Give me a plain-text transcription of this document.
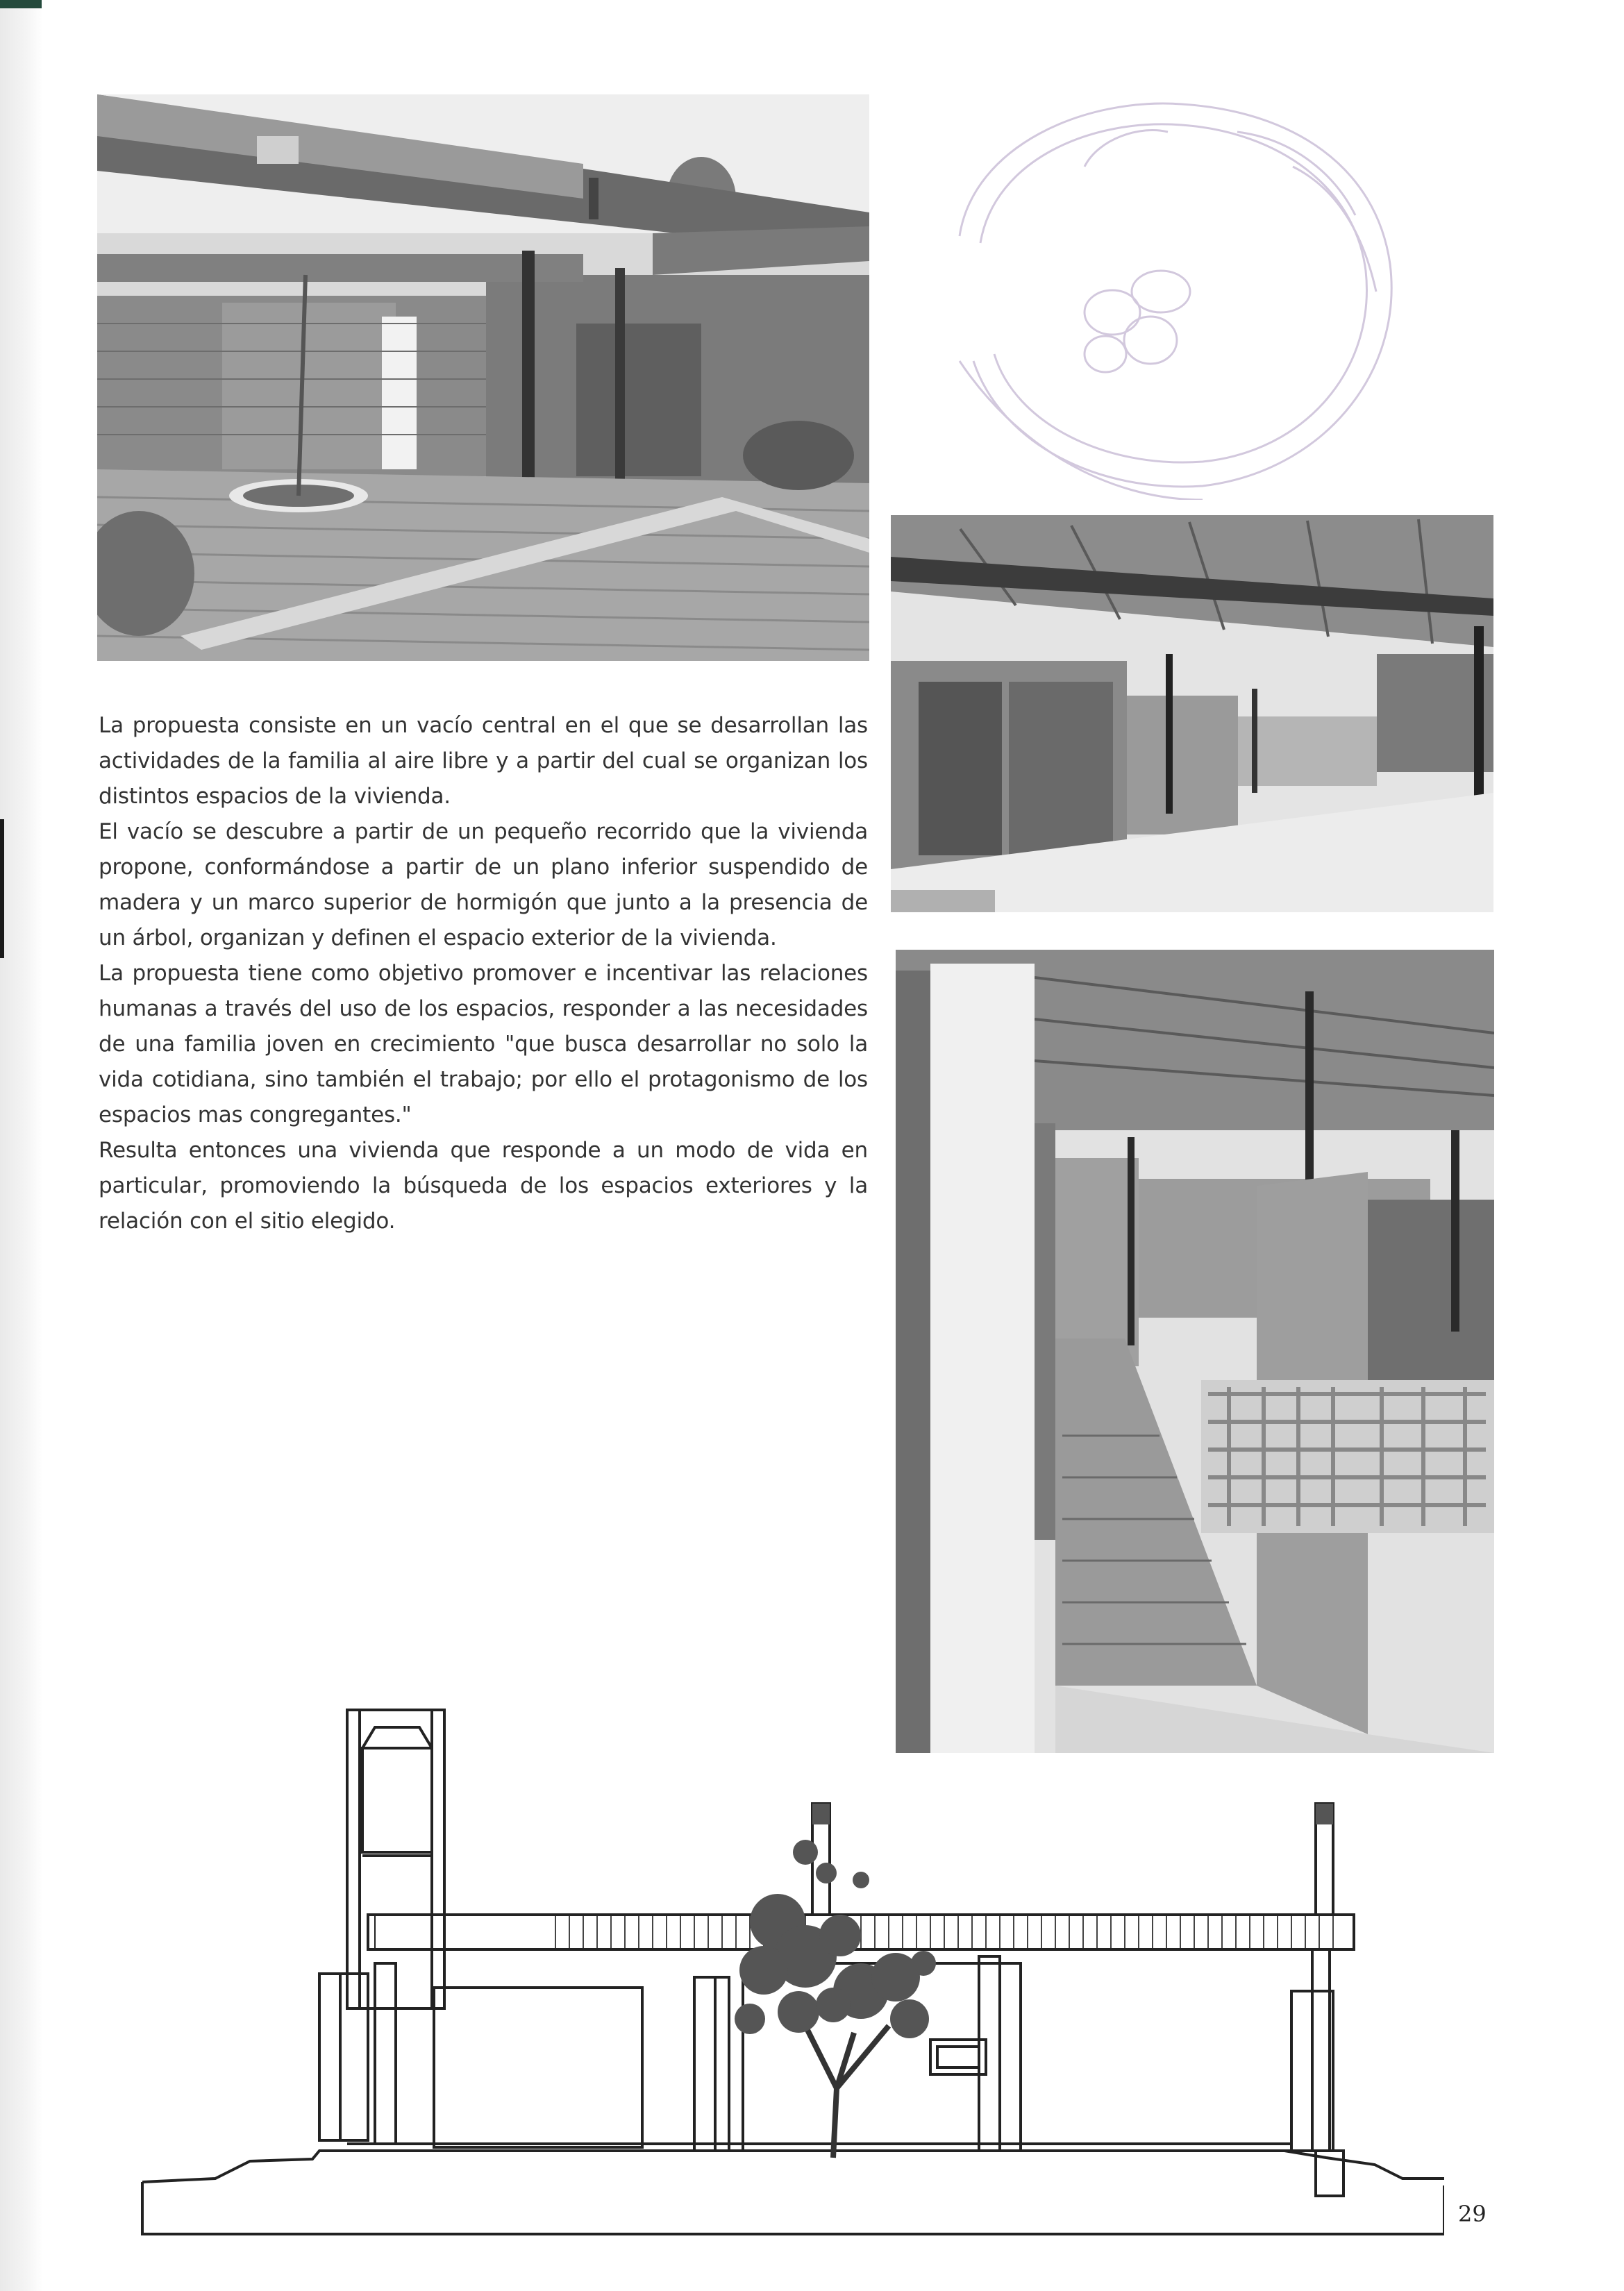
La propuesta consiste en un vacío central en el que se desarrollan las actividades de la familia al aire libre y a partir del cual se organizan los distintos espacios de la vivienda.

El vacío se descubre a partir de un pequeño recorrido que la vivienda propone, conformándose a partir de un plano inferior suspendido de madera y un marco superior de hormigón que junto a la presencia de un árbol, organizan y definen el espacio exterior de la vivienda.

La propuesta tiene como objetivo promover e incentivar las relaciones humanas a través del uso de los espacios, responder a las necesidades de una familia joven en crecimiento "que busca desarrollar no solo la vida cotidiana, sino también el trabajo; por ello el protagonismo de los espacios mas congregantes."

Resulta entonces una vivienda que responde a un modo de vida en particular, promoviendo la búsqueda de los espacios exteriores y la relación con el sitio elegido.

29
